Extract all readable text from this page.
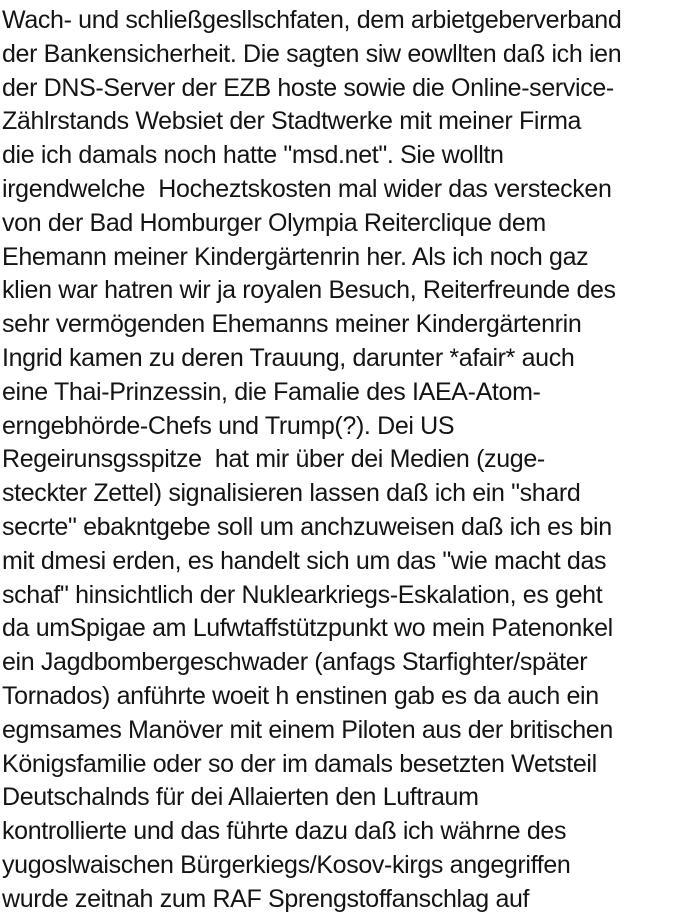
Wach- und schließgesllschfaten, dem arbietgeberverband
der Bankensicherheit. Die sagten siw eowllten daß ich ien
der DNS-Server der EZB hoste sowie die Online-service-
Zählrstands Websiet der Stadtwerke mit meiner Firma
die ich damals noch hatte "msd.net". Sie wolltn
irgendwelche  Hocheztskosten mal wider das verstecken
von der Bad Homburger Olympia Reiterclique dem
Ehemann meiner Kindergärtenrin her. Als ich noch gaz
klien war hatren wir ja royalen Besuch, Reiterfreunde des
sehr vermögenden Ehemanns meiner Kindergärtenrin
Ingrid kamen zu deren Trauung, darunter *afair* auch
eine Thai-Prinzessin, die Famalie des IAEA-Atom-
erngebhörde-Chefs und Trump(?). Dei US
Regeirunsgsspitze  hat mir über dei Medien (zuge-
steckter Zettel) signalisieren lassen daß ich ein "shard
secrte" ebakntgebe soll um anchzuweisen daß ich es bin
mit dmesi erden, es handelt sich um das "wie macht das
schaf" hinsichtlich der Nuklearkriegs-Eskalation, es geht
da umSpigae am Lufwtaffstützpunkt wo mein Patenonkel
ein Jagdbombergeschwader (anfags Starfighter/später
Tornados) anführte woeit h enstinen gab es da auch ein
egmsames Manöver mit einem Piloten aus der britischen
Königsfamilie oder so der im damals besetzten Wetsteil
Deutschalnds für dei Allaierten den Luftraum
kontrollierte und das führte dazu daß ich währne des
yugoslwaischen Bürgerkiegs/Kosov-kirgs angegriffen
wurde zeitnah zum RAF Sprengstoffanschlag auf
